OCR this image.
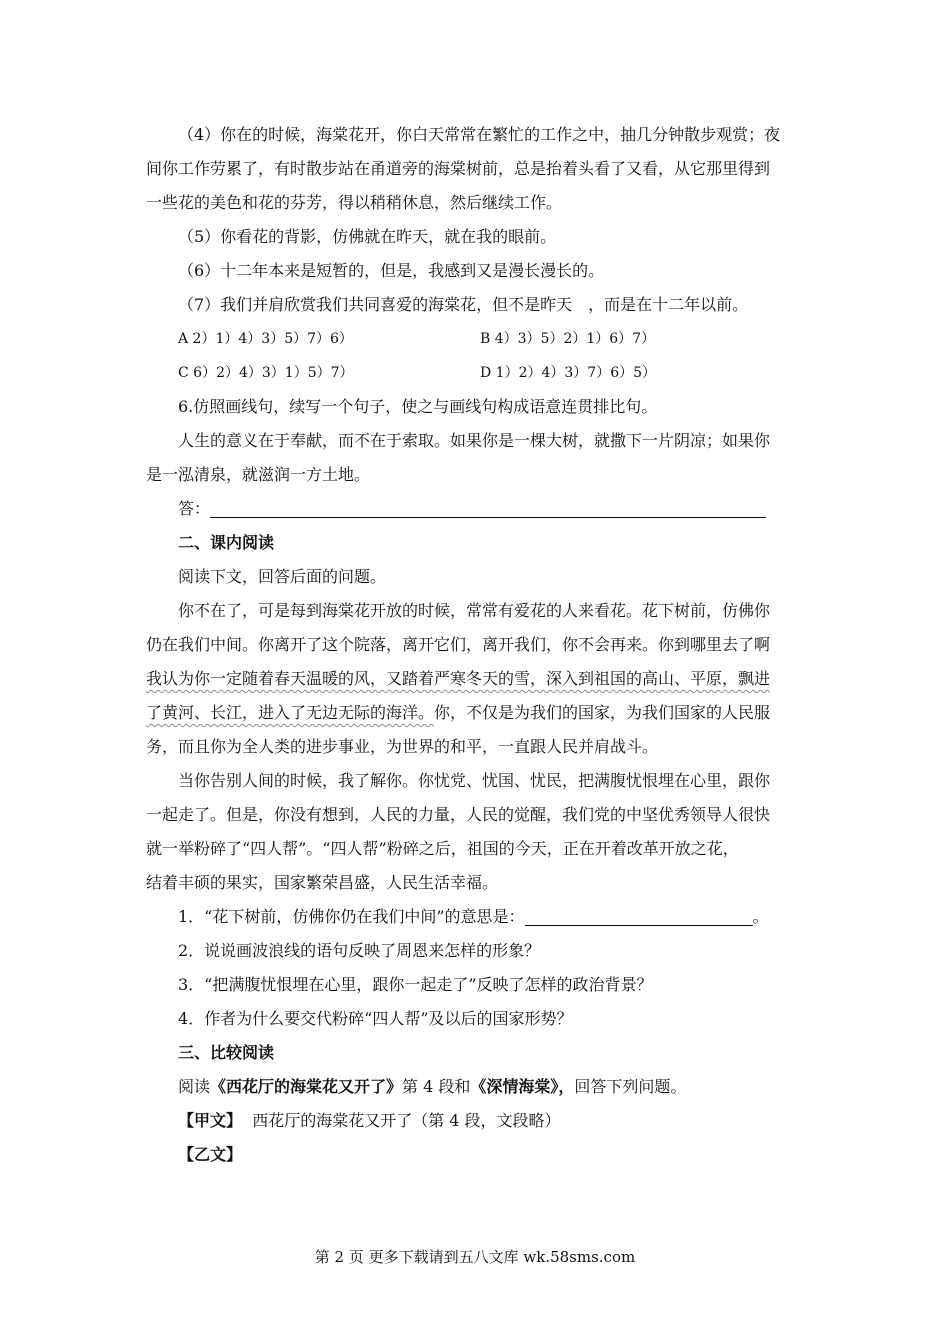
（4）你在的时候，海棠花开，你白天常常在繁忙的工作之中，抽几分钟散步观赏；夜

间你工作劳累了，有时散步站在甬道旁的海棠树前，总是抬着头看了又看，从它那里得到

一些花的美色和花的芬芳，得以稍稍休息，然后继续工作。

（5）你看花的背影，仿佛就在昨天，就在我的眼前。

（6）十二年本来是短暂的，但是，我感到又是漫长漫长的。

（7）我们并肩欣赏我们共同喜爱的海棠花，但不是昨天　，而是在十二年以前。

A 2）1）4）3）5）7）6）	B 4）3）5）2）1）6）7）
C 6）2）4）3）1）5）7）	D 1）2）4）3）7）6）5）

6.仿照画线句，续写一个句子，使之与画线句构成语意连贯排比句。

人生的意义在于奉献，而不在于索取。如果你是一棵大树，就撒下一片阴凉；如果你

是一泓清泉，就滋润一方土地。

答：

二、课内阅读

阅读下文，回答后面的问题。

你不在了，可是每到海棠花开放的时候，常常有爱花的人来看花。花下树前，仿佛你

仍在我们中间。你离开了这个院落，离开它们，离开我们，你不会再来。你到哪里去了啊

我认为你一定随着春天温暖的风，又踏着严寒冬天的雪，深入到祖国的高山、平原，飘进

了黄河、长江，进入了无边无际的海洋。你，不仅是为我们的国家，为我们国家的人民服

务，而且你为全人类的进步事业，为世界的和平，一直跟人民并肩战斗。

当你告别人间的时候，我了解你。你忧党、忧国、忧民，把满腹忧恨埋在心里，跟你

一起走了。但是，你没有想到，人民的力量，人民的觉醒，我们党的中坚优秀领导人很快

就一举粉碎了“四人帮”。“四人帮”粉碎之后，祖国的今天，正在开着改革开放之花，

结着丰硕的果实，国家繁荣昌盛，人民生活幸福。

1．“花下树前，仿佛你仍在我们中间”的意思是：	。

2．说说画波浪线的语句反映了周恩来怎样的形象？

3．“把满腹忧恨埋在心里，跟你一起走了”反映了怎样的政治背景？

4．作者为什么要交代粉碎“四人帮”及以后的国家形势？

三、比较阅读

阅读《西花厅的海棠花又开了》第 4 段和《深情海棠》，回答下列问题。

【甲文】 西花厅的海棠花又开了（第 4 段，文段略）

【乙文】

第 2 页 更多下载请到五八文库 wk.58sms.com
